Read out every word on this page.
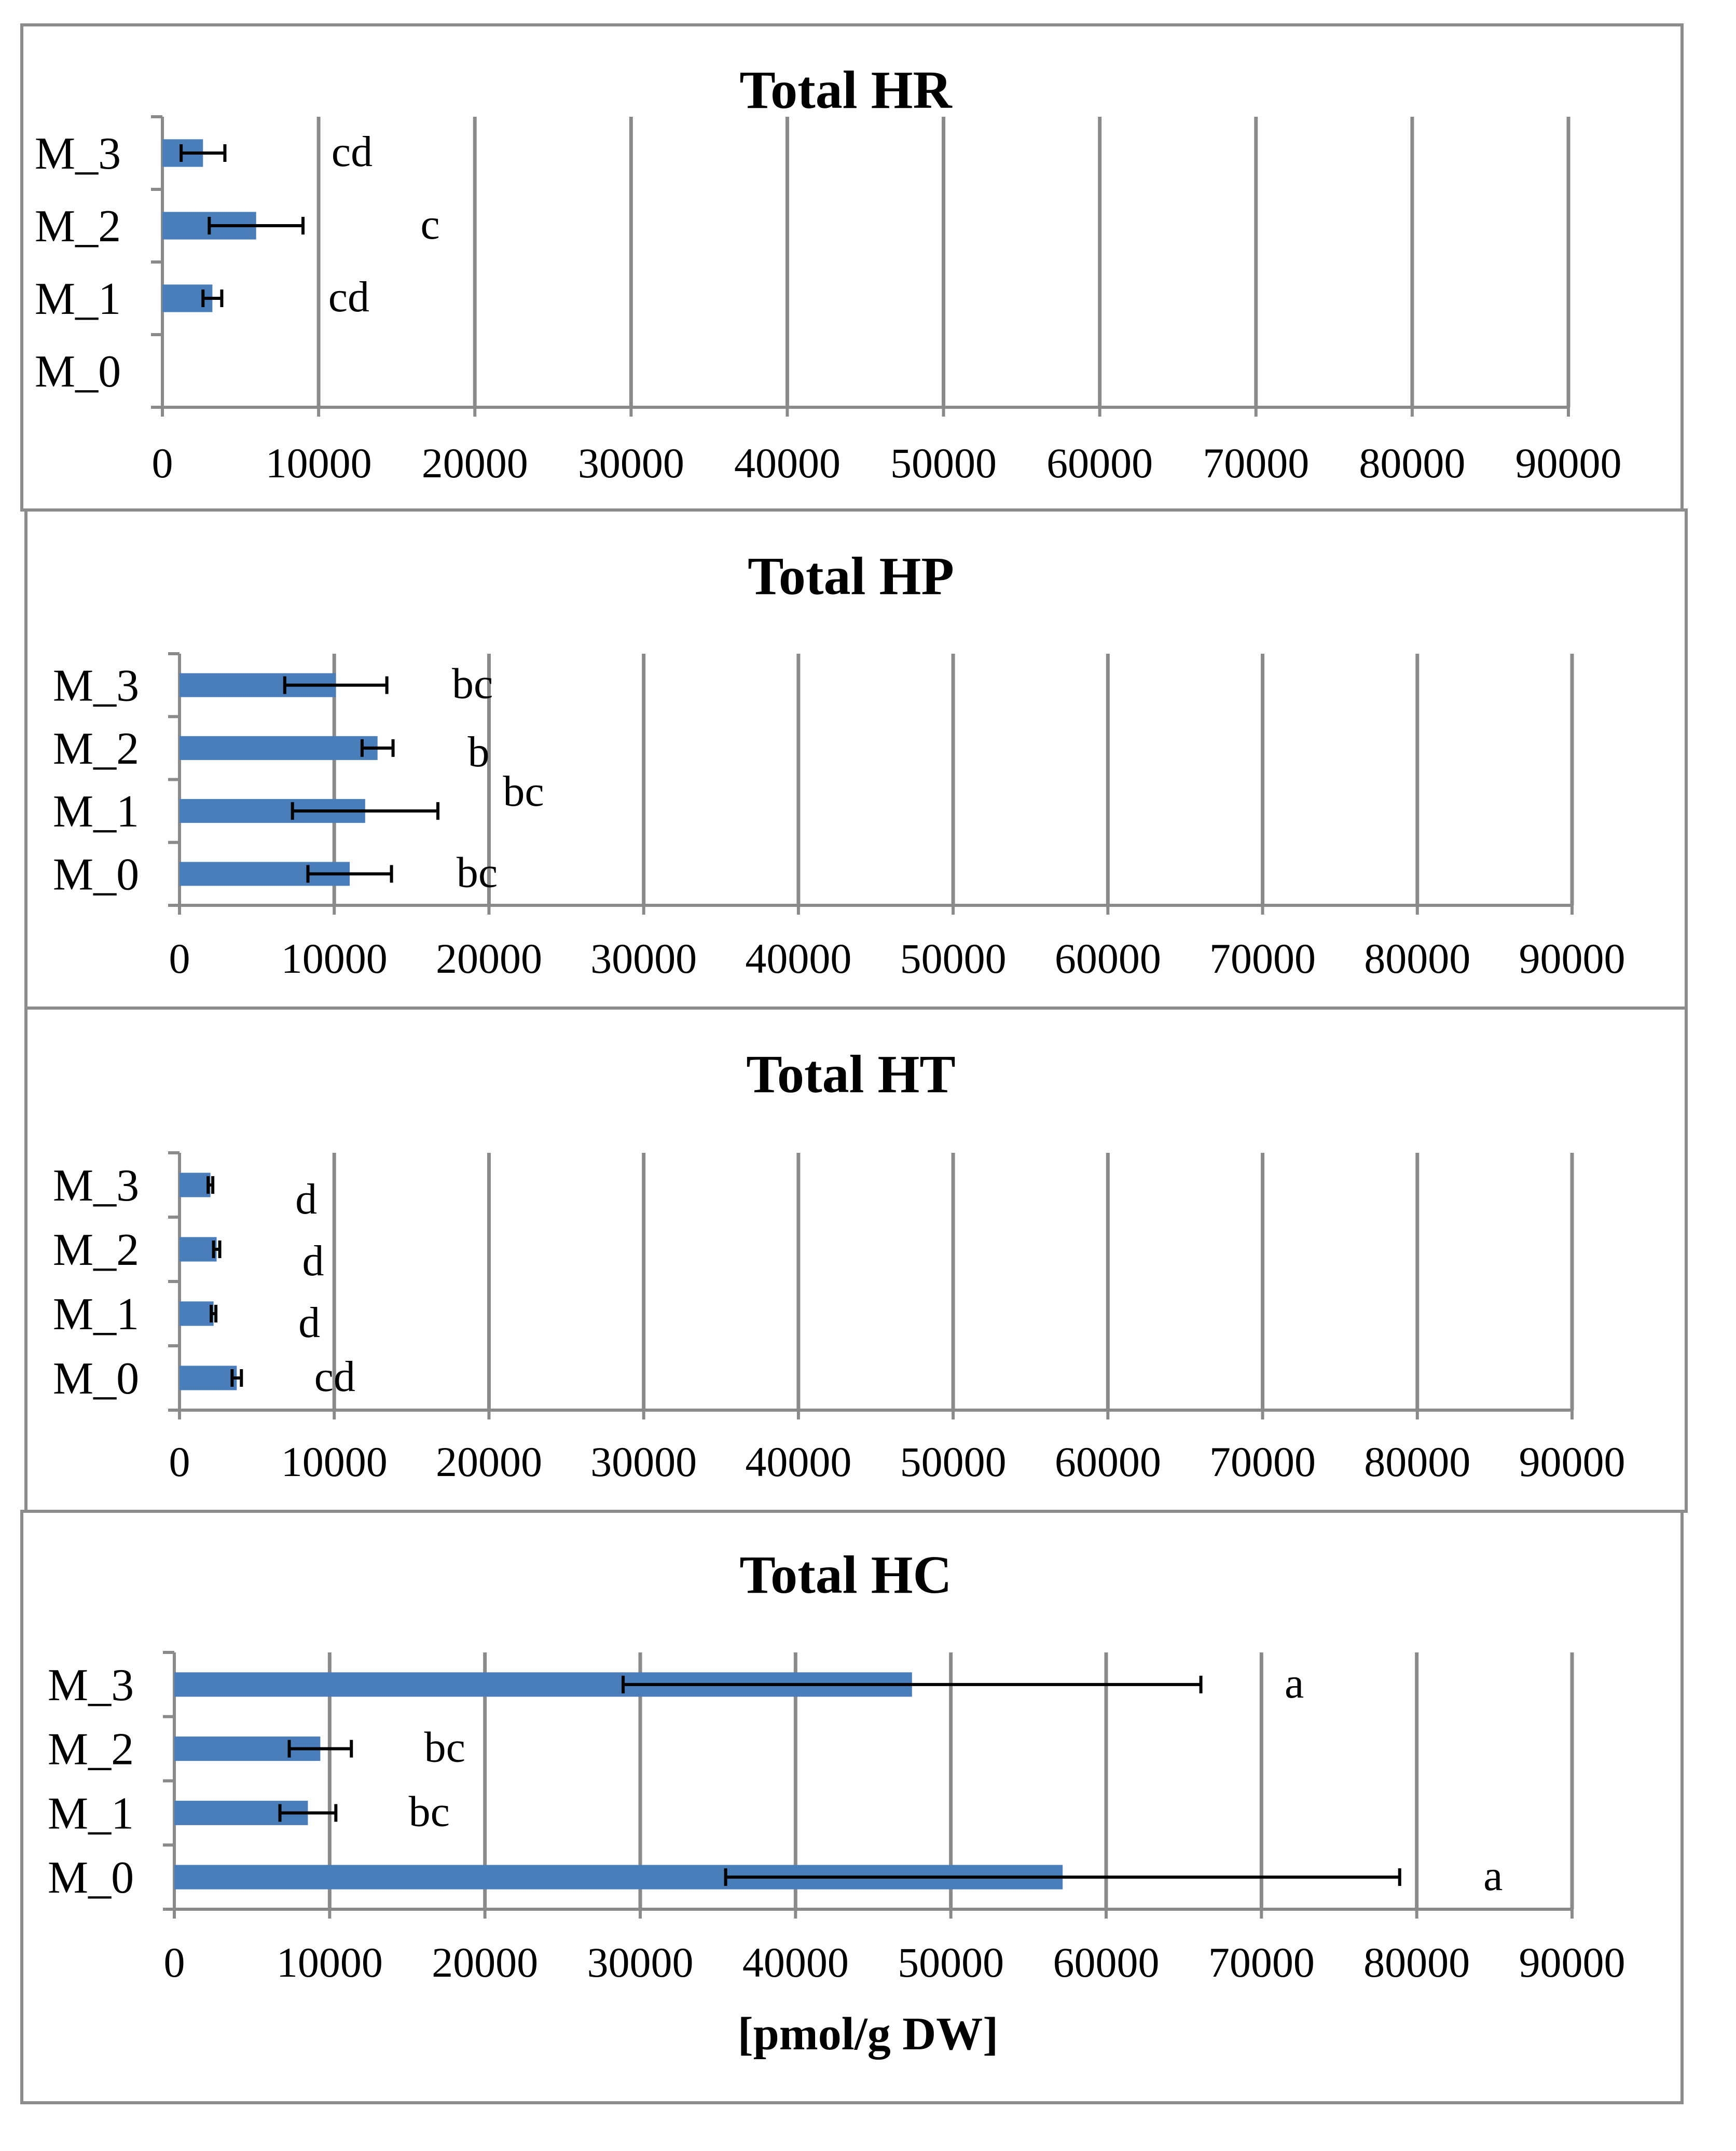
Total HR
0 10000 20000 30000 40000 50000 60000 70000 80000 90000
M_0
M_1	cd
M_2	c
M_3	cd
Total HP
0 10000 20000 30000 40000 50000 60000 70000 80000 90000
M_0	bc
M_1	bc
M_2	b
M_3	bc
Total HT
0 10000 20000 30000 40000 50000 60000 70000 80000 90000
M_0	cd
M_1	d
M_2	d
M_3	d
Total HC
0 10000 20000 30000 40000 50000 60000 70000 80000 90000
M_0	a
M_1	bc
M_2	bc
M_3	a
[pmol/g DW]
